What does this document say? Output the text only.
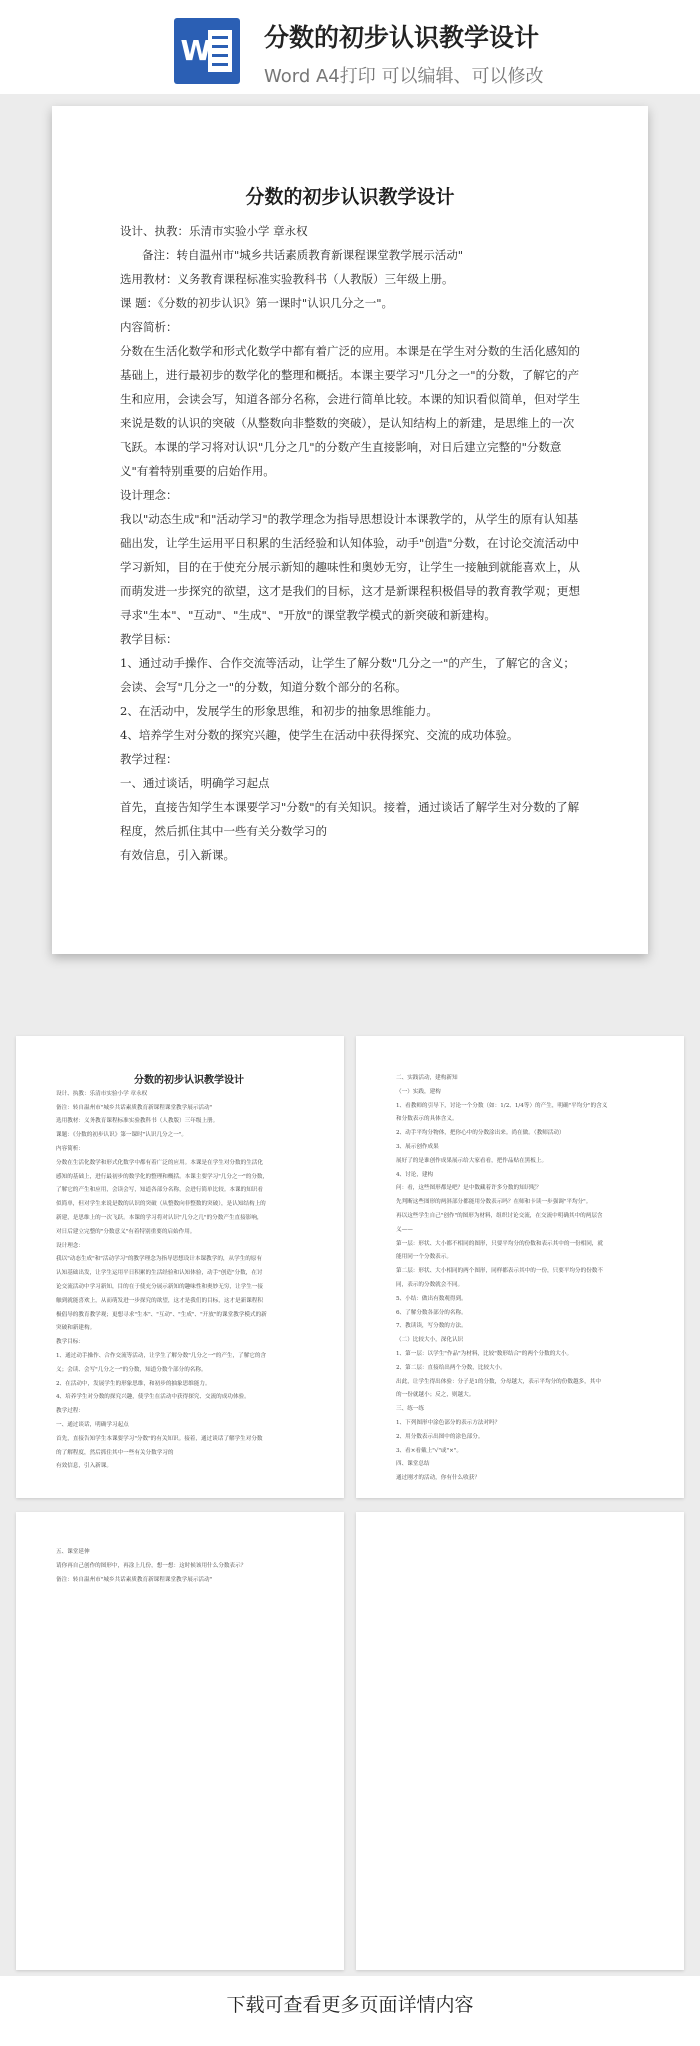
W 分数的初步认识教学设计
Word A4打印 可以编辑、可以修改
分数的初步认识教学设计

设计、执教：乐清市实验小学 章永权

备注：转自温州市"城乡共话素质教育新课程课堂教学展示活动"

选用教材：义务教育课程标准实验教科书（人教版）三年级上册。

课 题：《分数的初步认识》第一课时"认识几分之一"。

内容简析：

分数在生活化数学和形式化数学中都有着广泛的应用。本课是在学生对分数的生活化感知的基础上，进行最初步的数学化的整理和概括。本课主要学习"几分之一"的分数，了解它的产生和应用，会读会写，知道各部分名称，会进行简单比较。本课的知识看似简单，但对学生来说是数的认识的突破（从整数向非整数的突破），是认知结构上的新建，是思维上的一次飞跃。本课的学习将对认识"几分之几"的分数产生直接影响，对日后建立完整的"分数意义"有着特别重要的启始作用。

设计理念：

我以"动态生成"和"活动学习"的教学理念为指导思想设计本课教学的，从学生的原有认知基础出发，让学生运用平日积累的生活经验和认知体验，动手"创造"分数，在讨论交流活动中学习新知，目的在于使充分展示新知的趣味性和奥妙无穷，让学生一接触到就能喜欢上，从而萌发进一步探究的欲望，这才是我们的目标，这才是新课程积极倡导的教育教学观；更想寻求"生本"、"互动"、"生成"、"开放"的课堂教学模式的新突破和新建构。

教学目标：

1、通过动手操作、合作交流等活动，让学生了解分数"几分之一"的产生，了解它的含义；会读、会写"几分之一"的分数，知道分数个部分的名称。

2、在活动中，发展学生的形象思维，和初步的抽象思维能力。

4、培养学生对分数的探究兴趣，使学生在活动中获得探究、交流的成功体验。

教学过程：

一、通过谈话，明确学习起点

首先，直接告知学生本课要学习"分数"的有关知识。接着，通过谈话了解学生对分数的了解程度，然后抓住其中一些有关分数学习的

有效信息，引入新课。

分数的初步认识教学设计

设计、执教：乐清市实验小学 章永权

备注：转自温州市"城乡共话素质教育新课程课堂教学展示活动"

选用教材：义务教育课程标准实验教科书（人教版）三年级上册。

课题：《分数的初步认识》第一课时"认识几分之一"。

内容简析：

分数在生活化数学和形式化数学中都有着广泛的应用。本课是在学生对分数的生活化

感知的基础上，进行最初步的数学化的整理和概括。本课主要学习"几分之一"的分数，

了解它的产生和应用，会读会写，知道各部分名称，会进行简单比较。本课的知识看

似简单，但对学生来说是数的认识的突破（从整数向非整数的突破），是认知结构上的

新建，是思维上的一次飞跃。本课的学习将对认识"几分之几"的分数产生直接影响，

对日后建立完整的"分数意义"有着特别重要的启始作用。

设计理念：

我以"动态生成"和"活动学习"的教学理念为指导思想设计本课教学的，从学生的原有

认知基础出发，让学生运用平日积累的生活经验和认知体验，动手"创造"分数，在讨

论交流活动中学习新知，目的在于使充分展示新知的趣味性和奥妙无穷，让学生一接

触到就能喜欢上，从而萌发进一步探究的欲望，这才是我们的目标，这才是新课程积

极倡导的教育教学观；更想寻求"生本"、"互动"、"生成"、"开放"的课堂教学模式的新

突破和新建构。

教学目标：

1、通过动手操作、合作交流等活动，让学生了解分数"几分之一"的产生，了解它的含

义；会读、会写"几分之一"的分数，知道分数个部分的名称。

2、在活动中，发展学生的形象思维，和初步的抽象思维能力。

4、培养学生对分数的探究兴趣，使学生在活动中获得探究、交流的成功体验。

教学过程：

一、通过谈话，明确学习起点

首先，直接告知学生本课要学习"分数"的有关知识。接着，通过谈话了解学生对分数

的了解程度，然后抓住其中一些有关分数学习的

有效信息，引入新课。

二、实践活动，建构新知

（一）实践，建构

1、看教师的引导下，讨论一个分数（如：1/2、1/4等）的产生，明确"平均分"的含义

和分数表示的具体含义。

2、动手平均分物体，把你心中的分数涂出来。尚在做。（教师活动）

3、展示创作成果

展好了的是谁创作成果展示给大家看看，把作品贴在黑板上。

4、讨论，建构

问：看，这些图形都是吧？是中数藏着许多分数的知识呢？

先判断这些图形的两斜部分都能用分数表示吗？在师和卡读一步强调"平均分"。

再以这些学生自己"创作"的图形为材料，组织讨论交流，在交流中明确其中的两层含

义——

第一层：形状、大小都不相同的图形，只要平均分的份数和表示其中的一份相同，就

能用同一个分数表示。

第二层：形状、大小相同的两个图形，同样都表示其中的一份，只要平均分的份数不

同，表示的分数就会不同。

5、小结：做出有数观得到。

6、了解分数各部分的名称。

7、教读读，写分数的方法。

（二）比较大小，深化认识

1、第一层：以学生"作品"为材料，比较"数形结合"的两个分数的大小。

2、第二层：直接给出两个分数，比较大小。

出此，让学生得出体验：分子是1的分数，分母越大，表示平均分的份数越多，其中

的一份就越小；反之，则越大。

三、练一练

1、下列图形中涂色部分的表示方法对吗？

2、用分数表示出图中的涂色部分。

3、看×看戴上"√"或"×"。

四、课堂总结

通过刚才的活动，你有什么收获？

五、课堂延伸

请你再自己创作的图形中，再涂上几份，想一想：这时候该用什么分数表示？

备注：转自温州市"城乡共话素质教育新课程课堂教学展示活动"

下载可查看更多页面详情内容
